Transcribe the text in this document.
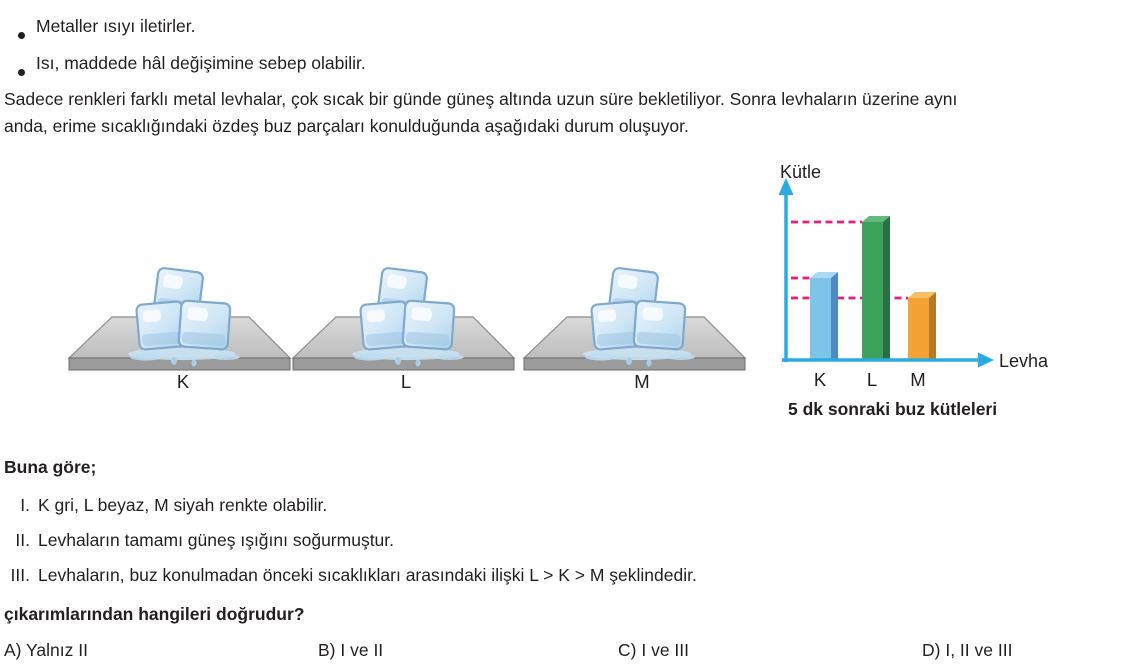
Metaller ısıyı iletirler.
Isı, maddede hâl değişimine sebep olabilir.
Sadece renkleri farklı metal levhalar, çok sıcak bir günde güneş altında uzun süre bekletiliyor. Sonra levhaların üzerine aynı
anda, erime sıcaklığındaki özdeş buz parçaları konulduğunda aşağıdaki durum oluşuyor.
K	L	M
Kütle
Levha
K L M
5 dk sonraki buz kütleleri
Buna göre;
I. K gri, L beyaz, M siyah renkte olabilir.
II. Levhaların tamamı güneş ışığını soğurmuştur.
III. Levhaların, buz konulmadan önceki sıcaklıkları arasındaki ilişki L > K > M şeklindedir.
çıkarımlarından hangileri doğrudur?
A) Yalnız II	B) I ve II	C) I ve III	D) I, II ve III
